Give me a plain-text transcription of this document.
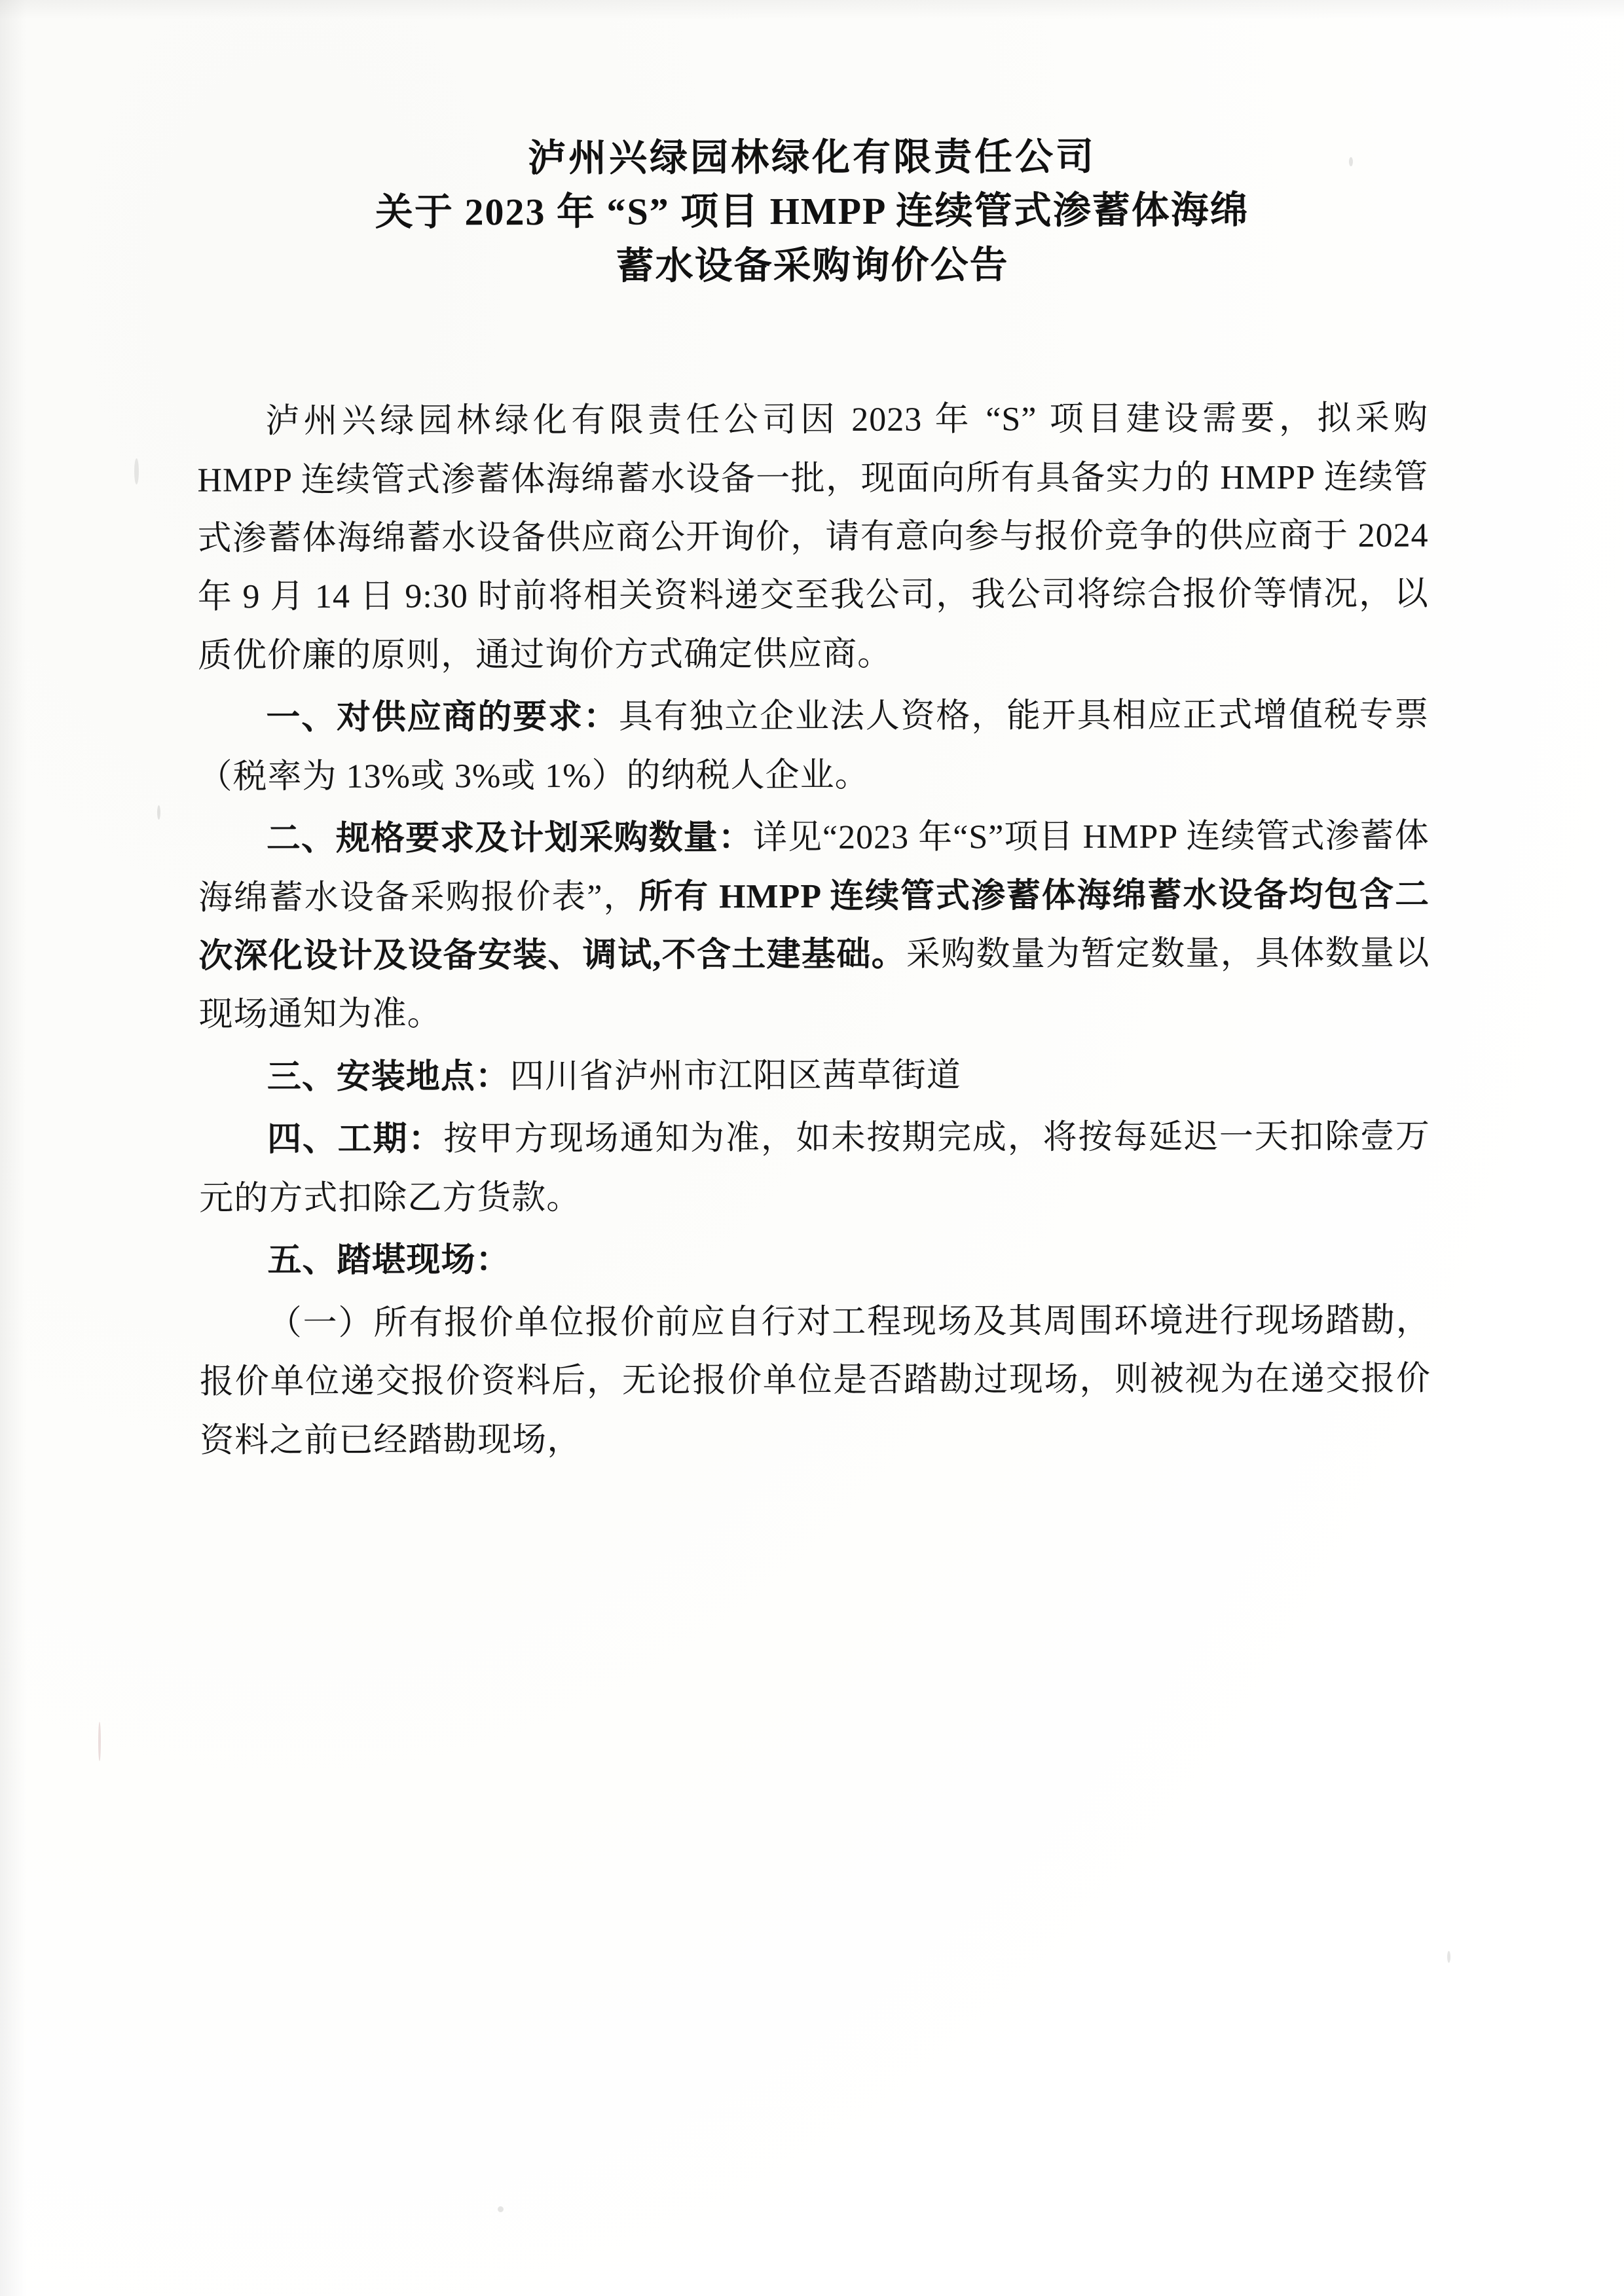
泸州兴绿园林绿化有限责任公司
关于 2023 年 “S” 项目 HMPP 连续管式渗蓄体海绵
蓄水设备采购询价公告

泸州兴绿园林绿化有限责任公司因 2023 年 “S” 项目建设需要，拟采购 HMPP 连续管式渗蓄体海绵蓄水设备一批，现面向所有具备实力的 HMPP 连续管式渗蓄体海绵蓄水设备供应商公开询价，请有意向参与报价竞争的供应商于 2024 年 9 月 14 日 9:30 时前将相关资料递交至我公司，我公司将综合报价等情况，以质优价廉的原则，通过询价方式确定供应商。

一、对供应商的要求：具有独立企业法人资格，能开具相应正式增值税专票（税率为 13%或 3%或 1%）的纳税人企业。

二、规格要求及计划采购数量：详见“2023 年“S”项目 HMPP 连续管式渗蓄体海绵蓄水设备采购报价表”，所有 HMPP 连续管式渗蓄体海绵蓄水设备均包含二次深化设计及设备安装、调试,不含土建基础。采购数量为暂定数量，具体数量以现场通知为准。

三、安装地点：四川省泸州市江阳区茜草街道

四、工期：按甲方现场通知为准，如未按期完成，将按每延迟一天扣除壹万元的方式扣除乙方货款。

五、踏堪现场：

（一）所有报价单位报价前应自行对工程现场及其周围环境进行现场踏勘，报价单位递交报价资料后，无论报价单位是否踏勘过现场，则被视为在递交报价资料之前已经踏勘现场，
